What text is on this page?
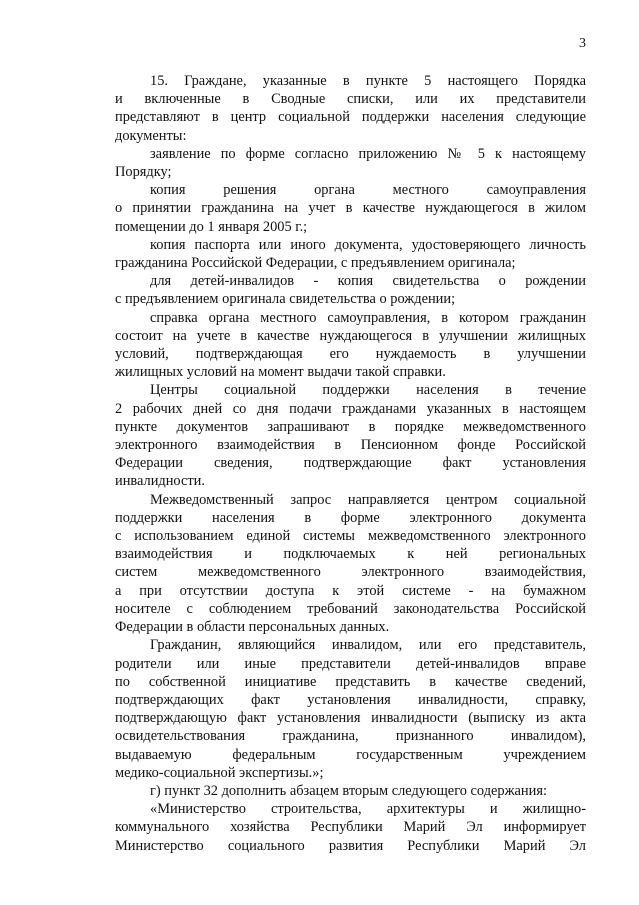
3
15. Граждане, указанные в пункте 5 настоящего Порядка
и включенные в Сводные списки, или их представители
представляют в центр социальной поддержки населения следующие
документы:
заявление по форме согласно приложению № 5 к настоящему
Порядку;
копия решения органа местного самоуправления
о принятии гражданина на учет в качестве нуждающегося в жилом
помещении до 1 января 2005 г.;
копия паспорта или иного документа, удостоверяющего личность
гражданина Российской Федерации, с предъявлением оригинала;
для детей-инвалидов - копия свидетельства о рождении
с предъявлением оригинала свидетельства о рождении;
справка органа местного самоуправления, в котором гражданин
состоит на учете в качестве нуждающегося в улучшении жилищных
условий, подтверждающая его нуждаемость в улучшении
жилищных условий на момент выдачи такой справки.
Центры социальной поддержки населения в течение
2 рабочих дней со дня подачи гражданами указанных в настоящем
пункте документов запрашивают в порядке межведомственного
электронного взаимодействия в Пенсионном фонде Российской
Федерации сведения, подтверждающие факт установления
инвалидности.
Межведомственный запрос направляется центром социальной
поддержки населения в форме электронного документа
с использованием единой системы межведомственного электронного
взаимодействия и подключаемых к ней региональных
систем межведомственного электронного взаимодействия,
а при отсутствии доступа к этой системе - на бумажном
носителе с соблюдением требований законодательства Российской
Федерации в области персональных данных.
Гражданин, являющийся инвалидом, или его представитель,
родители или иные представители детей-инвалидов вправе
по собственной инициативе представить в качестве сведений,
подтверждающих факт установления инвалидности, справку,
подтверждающую факт установления инвалидности (выписку из акта
освидетельствования гражданина, признанного инвалидом),
выдаваемую федеральным государственным учреждением
медико-социальной экспертизы.»;
г) пункт 32 дополнить абзацем вторым следующего содержания:
«Министерство строительства, архитектуры и жилищно-
коммунального хозяйства Республики Марий Эл информирует
Министерство социального развития Республики Марий Эл
